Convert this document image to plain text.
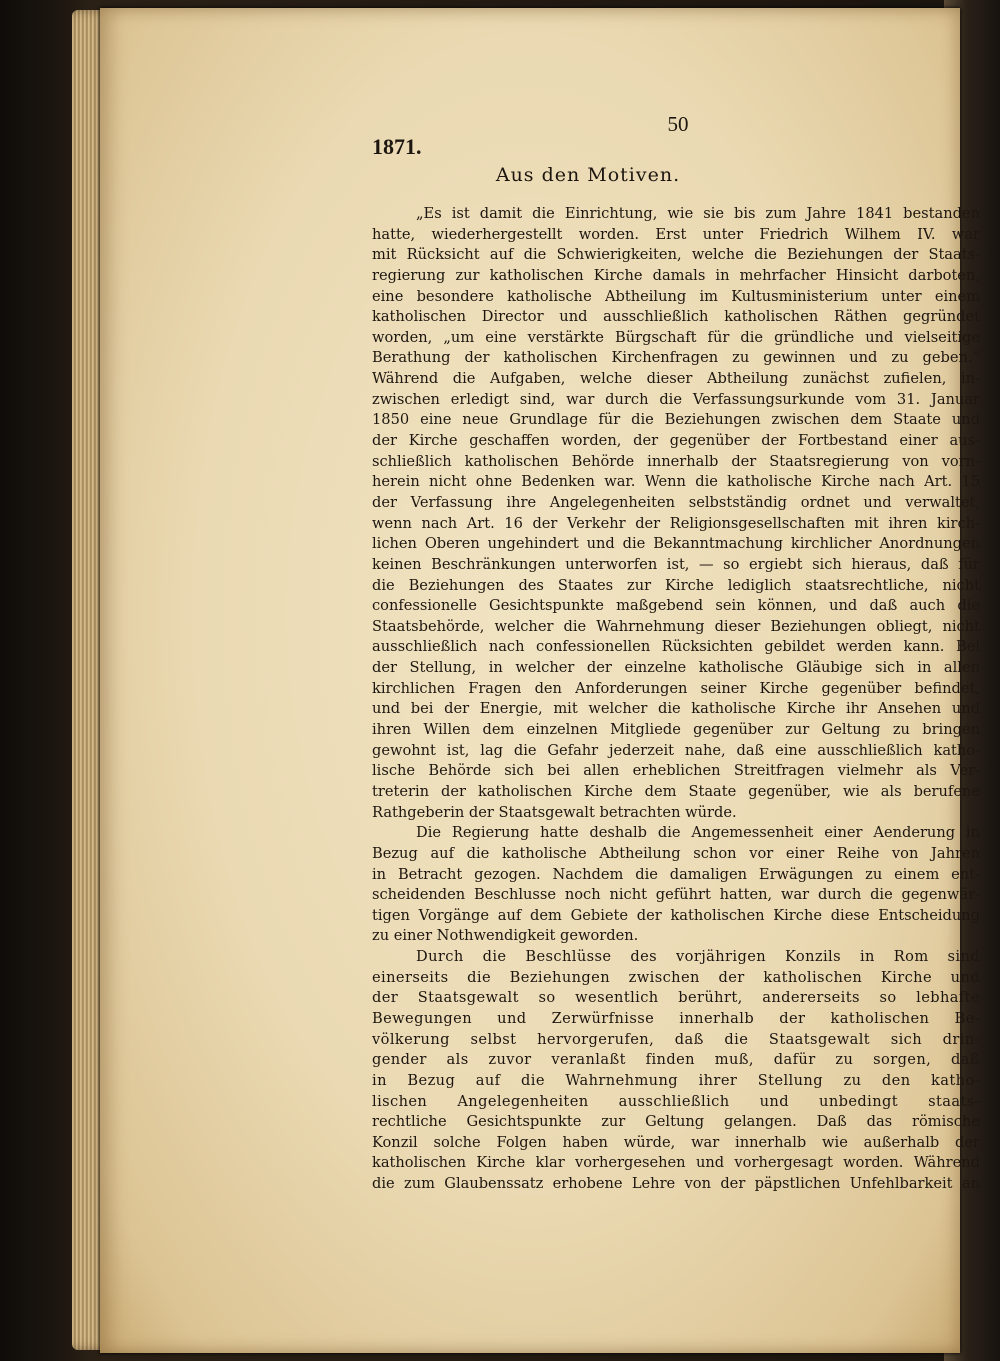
50
1871.
Aus den Motiven.
„Es ist damit die Einrichtung, wie sie bis zum Jahre 1841 bestanden
hatte, wiederhergestellt worden. Erst unter Friedrich Wilhem IV. war
mit Rücksicht auf die Schwierigkeiten, welche die Beziehungen der Staats-
regierung zur katholischen Kirche damals in mehrfacher Hinsicht darboten,
eine besondere katholische Abtheilung im Kultusministerium unter einem
katholischen Director und ausschließlich katholischen Räthen gegründet
worden, „um eine verstärkte Bürgschaft für die gründliche und vielseitige
Berathung der katholischen Kirchenfragen zu gewinnen und zu geben.“
Während die Aufgaben, welche dieser Abtheilung zunächst zufielen, in-
zwischen erledigt sind, war durch die Verfassungsurkunde vom 31. Januar
1850 eine neue Grundlage für die Beziehungen zwischen dem Staate und
der Kirche geschaffen worden, der gegenüber der Fortbestand einer aus-
schließlich katholischen Behörde innerhalb der Staatsregierung von vorn-
herein nicht ohne Bedenken war. Wenn die katholische Kirche nach Art. 15
der Verfassung ihre Angelegenheiten selbstständig ordnet und verwaltet,
wenn nach Art. 16 der Verkehr der Religionsgesellschaften mit ihren kirch-
lichen Oberen ungehindert und die Bekanntmachung kirchlicher Anordnungen
keinen Beschränkungen unterworfen ist, — so ergiebt sich hieraus, daß für
die Beziehungen des Staates zur Kirche lediglich staatsrechtliche, nicht
confessionelle Gesichtspunkte maßgebend sein können, und daß auch die
Staatsbehörde, welcher die Wahrnehmung dieser Beziehungen obliegt, nicht
ausschließlich nach confessionellen Rücksichten gebildet werden kann. Bei
der Stellung, in welcher der einzelne katholische Gläubige sich in allen
kirchlichen Fragen den Anforderungen seiner Kirche gegenüber befindet,
und bei der Energie, mit welcher die katholische Kirche ihr Ansehen und
ihren Willen dem einzelnen Mitgliede gegenüber zur Geltung zu bringen
gewohnt ist, lag die Gefahr jederzeit nahe, daß eine ausschließlich katho-
lische Behörde sich bei allen erheblichen Streitfragen vielmehr als Ver-
treterin der katholischen Kirche dem Staate gegenüber, wie als berufene
Rathgeberin der Staatsgewalt betrachten würde.
Die Regierung hatte deshalb die Angemessenheit einer Aenderung in
Bezug auf die katholische Abtheilung schon vor einer Reihe von Jahren
in Betracht gezogen. Nachdem die damaligen Erwägungen zu einem ent-
scheidenden Beschlusse noch nicht geführt hatten, war durch die gegenwär-
tigen Vorgänge auf dem Gebiete der katholischen Kirche diese Entscheidung
zu einer Nothwendigkeit geworden.
Durch die Beschlüsse des vorjährigen Konzils in Rom sind
einerseits die Beziehungen zwischen der katholischen Kirche und
der Staatsgewalt so wesentlich berührt, andererseits so lebhafte
Bewegungen und Zerwürfnisse innerhalb der katholischen Be-
völkerung selbst hervorgerufen, daß die Staatsgewalt sich drin-
gender als zuvor veranlaßt finden muß, dafür zu sorgen, daß
in Bezug auf die Wahrnehmung ihrer Stellung zu den katho-
lischen Angelegenheiten ausschließlich und unbedingt staats-
rechtliche Gesichtspunkte zur Geltung gelangen. Daß das römische
Konzil solche Folgen haben würde, war innerhalb wie außerhalb der
katholischen Kirche klar vorhergesehen und vorhergesagt worden. Während
die zum Glaubenssatz erhobene Lehre von der päpstlichen Unfehlbarkeit an
